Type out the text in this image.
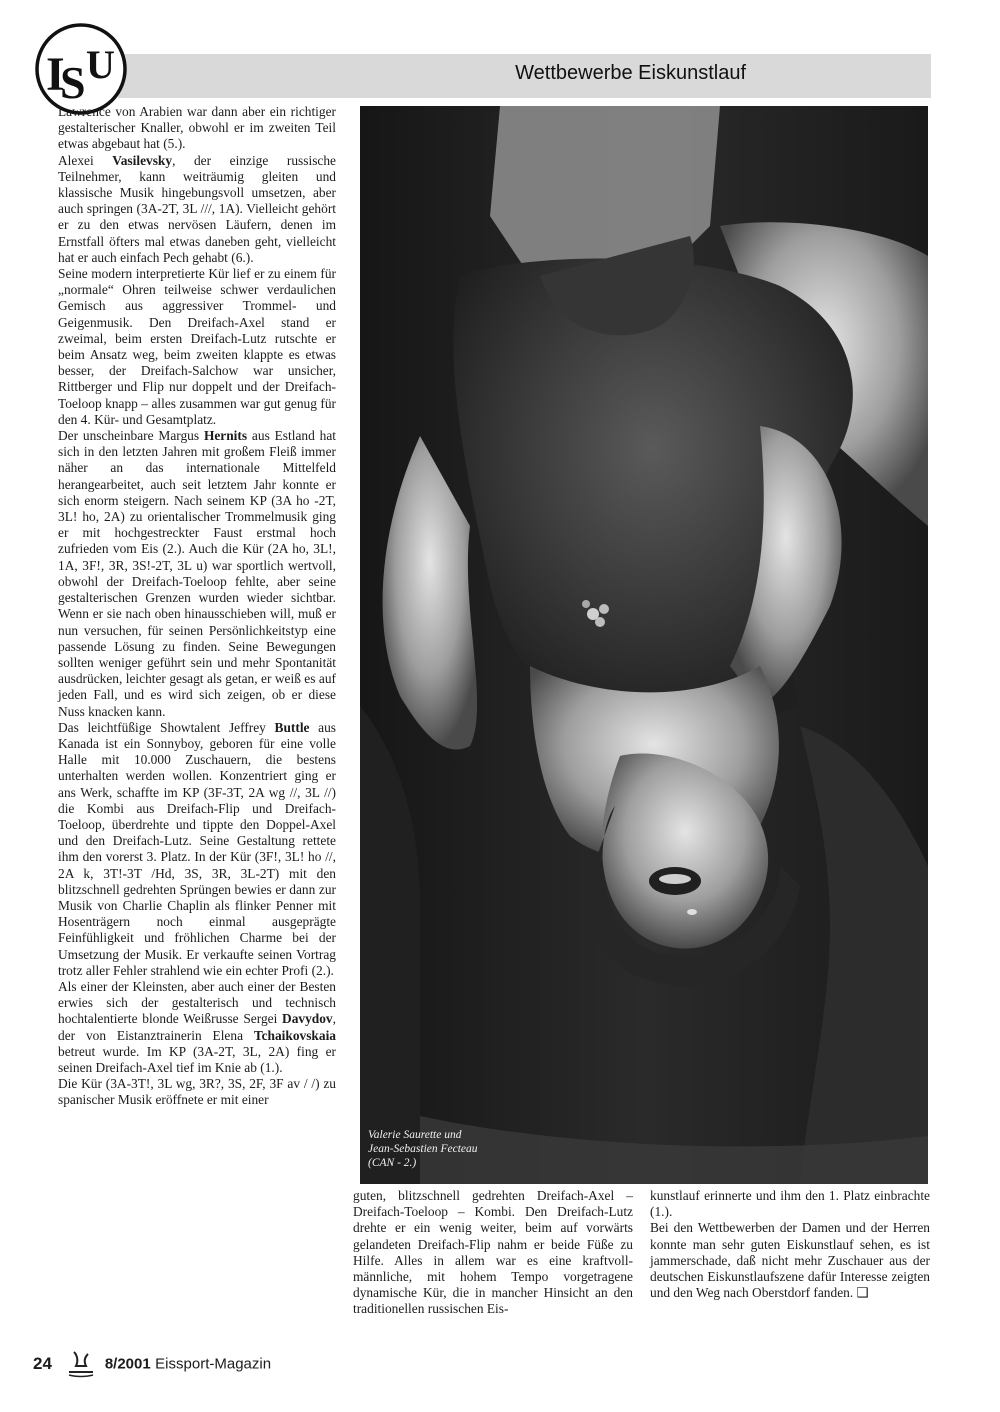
Wettbewerbe Eiskunstlauf
I
S U

Lawrence von Arabien war dann aber ein richtiger gestalterischer Knaller, obwohl er im zweiten Teil etwas abgebaut hat (5.).

Alexei Vasilevsky, der einzige russische Teilnehmer, kann weiträumig gleiten und klassische Musik hingebungsvoll umsetzen, aber auch springen (3A-2T, 3L ///, 1A). Vielleicht gehört er zu den etwas nervösen Läufern, denen im Ernstfall öfters mal etwas daneben geht, vielleicht hat er auch einfach Pech gehabt (6.).

Seine modern interpretierte Kür lief er zu einem für „normale“ Ohren teilweise schwer verdaulichen Gemisch aus aggressiver Trommel- und Geigenmusik. Den Dreifach-Axel stand er zweimal, beim ersten Dreifach-Lutz rutschte er beim Ansatz weg, beim zweiten klappte es etwas besser, der Dreifach-Salchow war unsicher, Rittberger und Flip nur doppelt und der Dreifach-Toeloop knapp – alles zusammen war gut genug für den 4. Kür- und Gesamtplatz.

Der unscheinbare Margus Hernits aus Estland hat sich in den letzten Jahren mit großem Fleiß immer näher an das internationale Mittelfeld herangearbeitet, auch seit letztem Jahr konnte er sich enorm steigern. Nach seinem KP (3A ho -2T, 3L! ho, 2A) zu orientalischer Trommelmusik ging er mit hochgestreckter Faust erstmal hoch zufrieden vom Eis (2.). Auch die Kür (2A ho, 3L!, 1A, 3F!, 3R, 3S!-2T, 3L u) war sportlich wertvoll, obwohl der Dreifach-Toeloop fehlte, aber seine gestalterischen Grenzen wurden wieder sichtbar. Wenn er sie nach oben hinausschieben will, muß er nun versuchen, für seinen Persönlichkeitstyp eine passende Lösung zu finden. Seine Bewegungen sollten weniger geführt sein und mehr Spontanität ausdrücken, leichter gesagt als getan, er weiß es auf jeden Fall, und es wird sich zeigen, ob er diese Nuss knacken kann.

Das leichtfüßige Showtalent Jeffrey Buttle aus Kanada ist ein Sonnyboy, geboren für eine volle Halle mit 10.000 Zuschauern, die bestens unterhalten werden wollen. Konzentriert ging er ans Werk, schaffte im KP (3F-3T, 2A wg //, 3L //) die Kombi aus Dreifach-Flip und Dreifach-Toeloop, überdrehte und tippte den Doppel-Axel und den Dreifach-Lutz. Seine Gestaltung rettete ihm den vorerst 3. Platz. In der Kür (3F!, 3L! ho //, 2A k, 3T!-3T /Hd, 3S, 3R, 3L-2T) mit den blitzschnell gedrehten Sprüngen bewies er dann zur Musik von Charlie Chaplin als flinker Penner mit Hosenträgern noch einmal ausgeprägte Feinfühligkeit und fröhlichen Charme bei der Umsetzung der Musik. Er verkaufte seinen Vortrag trotz aller Fehler strahlend wie ein echter Profi (2.).

Als einer der Kleinsten, aber auch einer der Besten erwies sich der gestalterisch und technisch hochtalentierte blonde Weißrusse Sergei Davydov, der von Eistanztrainerin Elena Tchaikovskaia betreut wurde. Im KP (3A-2T, 3L, 2A) fing er seinen Dreifach-Axel tief im Knie ab (1.).

Die Kür (3A-3T!, 3L wg, 3R?, 3S, 2F, 3F av / /) zu spanischer Musik eröffnete er mit einer

Valerie Saurette und
Jean-Sebastien Fecteau
(CAN - 2.)

guten, blitzschnell gedrehten Dreifach-Axel – Dreifach-Toeloop – Kombi. Den Dreifach-Lutz drehte er ein wenig weiter, beim auf vorwärts gelandeten Dreifach-Flip nahm er beide Füße zu Hilfe. Alles in allem war es eine kraftvoll-männliche, mit hohem Tempo vorgetragene dynamische Kür, die in mancher Hinsicht an den traditionellen russischen Eis-

kunstlauf erinnerte und ihm den 1. Platz einbrachte (1.).

Bei den Wettbewerben der Damen und der Herren konnte man sehr guten Eiskunstlauf sehen, es ist jammerschade, daß nicht mehr Zuschauer aus der deutschen Eiskunstlaufszene dafür Interesse zeigten und den Weg nach Oberstdorf fanden. ❑

24	8/2001 Eissport-Magazin
